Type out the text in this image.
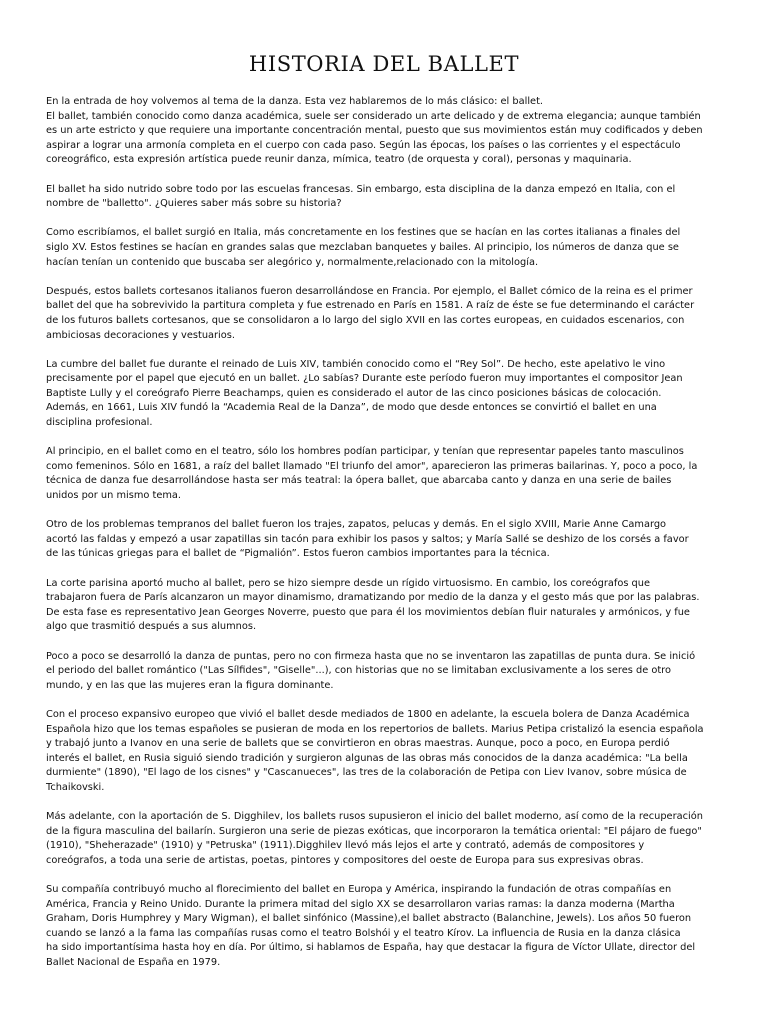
HISTORIA DEL BALLET

En la entrada de hoy volvemos al tema de la danza. Esta vez hablaremos de lo más clásico: el ballet.
El ballet, también conocido como danza académica, suele ser considerado un arte delicado y de extrema elegancia; aunque también
es un arte estricto y que requiere una importante concentración mental, puesto que sus movimientos están muy codificados y deben
aspirar a lograr una armonía completa en el cuerpo con cada paso. Según las épocas, los países o las corrientes y el espectáculo
coreográfico, esta expresión artística puede reunir danza, mímica, teatro (de orquesta y coral), personas y maquinaria.

El ballet ha sido nutrido sobre todo por las escuelas francesas. Sin embargo, esta disciplina de la danza empezó en Italia, con el
nombre de "balletto". ¿Quieres saber más sobre su historia?

Como escribíamos, el ballet surgió en Italia, más concretamente en los festines que se hacían en las cortes italianas a finales del
siglo XV. Estos festines se hacían en grandes salas que mezclaban banquetes y bailes. Al principio, los números de danza que se
hacían tenían un contenido que buscaba ser alegórico y, normalmente,relacionado con la mitología.

Después, estos ballets cortesanos italianos fueron desarrollándose en Francia. Por ejemplo, el Ballet cómico de la reina es el primer
ballet del que ha sobrevivido la partitura completa y fue estrenado en París en 1581. A raíz de éste se fue determinando el carácter
de los futuros ballets cortesanos, que se consolidaron a lo largo del siglo XVII en las cortes europeas, en cuidados escenarios, con
ambiciosas decoraciones y vestuarios.

La cumbre del ballet fue durante el reinado de Luis XIV, también conocido como el “Rey Sol”. De hecho, este apelativo le vino
precisamente por el papel que ejecutó en un ballet. ¿Lo sabías? Durante este período fueron muy importantes el compositor Jean
Baptiste Lully y el coreógrafo Pierre Beachamps, quien es considerado el autor de las cinco posiciones básicas de colocación.
Además, en 1661, Luis XIV fundó la “Academia Real de la Danza”, de modo que desde entonces se convirtió el ballet en una
disciplina profesional.

Al principio, en el ballet como en el teatro, sólo los hombres podían participar, y tenían que representar papeles tanto masculinos
como femeninos. Sólo en 1681, a raíz del ballet llamado "El triunfo del amor", aparecieron las primeras bailarinas. Y, poco a poco, la
técnica de danza fue desarrollándose hasta ser más teatral: la ópera ballet, que abarcaba canto y danza en una serie de bailes
unidos por un mismo tema.

Otro de los problemas tempranos del ballet fueron los trajes, zapatos, pelucas y demás. En el siglo XVIII, Marie Anne Camargo
acortó las faldas y empezó a usar zapatillas sin tacón para exhibir los pasos y saltos; y María Sallé se deshizo de los corsés a favor
de las túnicas griegas para el ballet de “Pigmalión”. Estos fueron cambios importantes para la técnica.

La corte parisina aportó mucho al ballet, pero se hizo siempre desde un rígido virtuosismo. En cambio, los coreógrafos que
trabajaron fuera de París alcanzaron un mayor dinamismo, dramatizando por medio de la danza y el gesto más que por las palabras.
De esta fase es representativo Jean Georges Noverre, puesto que para él los movimientos debían fluir naturales y armónicos, y fue
algo que trasmitió después a sus alumnos.

Poco a poco se desarrolló la danza de puntas, pero no con firmeza hasta que no se inventaron las zapatillas de punta dura. Se inició
el periodo del ballet romántico ("Las Sílfides", "Giselle"...), con historias que no se limitaban exclusivamente a los seres de otro
mundo, y en las que las mujeres eran la figura dominante.

Con el proceso expansivo europeo que vivió el ballet desde mediados de 1800 en adelante, la escuela bolera de Danza Académica
Española hizo que los temas españoles se pusieran de moda en los repertorios de ballets. Marius Petipa cristalizó la esencia española
y trabajó junto a Ivanov en una serie de ballets que se convirtieron en obras maestras. Aunque, poco a poco, en Europa perdió
interés el ballet, en Rusia siguió siendo tradición y surgieron algunas de las obras más conocidos de la danza académica: "La bella
durmiente" (1890), "El lago de los cisnes" y "Cascanueces", las tres de la colaboración de Petipa con Liev Ivanov, sobre música de
Tchaikovski.

Más adelante, con la aportación de S. Digghilev, los ballets rusos supusieron el inicio del ballet moderno, así como de la recuperación
de la figura masculina del bailarín. Surgieron una serie de piezas exóticas, que incorporaron la temática oriental: "El pájaro de fuego"
(1910), "Sheherazade" (1910) y "Petruska" (1911).Digghilev llevó más lejos el arte y contrató, además de compositores y
coreógrafos, a toda una serie de artistas, poetas, pintores y compositores del oeste de Europa para sus expresivas obras.

Su compañía contribuyó mucho al florecimiento del ballet en Europa y América, inspirando la fundación de otras compañías en
América, Francia y Reino Unido. Durante la primera mitad del siglo XX se desarrollaron varias ramas: la danza moderna (Martha
Graham, Doris Humphrey y Mary Wigman), el ballet sinfónico (Massine),el ballet abstracto (Balanchine, Jewels). Los años 50 fueron
cuando se lanzó a la fama las compañías rusas como el teatro Bolshói y el teatro Kírov. La influencia de Rusia en la danza clásica
ha sido importantísima hasta hoy en día. Por último, si hablamos de España, hay que destacar la figura de Víctor Ullate, director del
Ballet Nacional de España en 1979.
